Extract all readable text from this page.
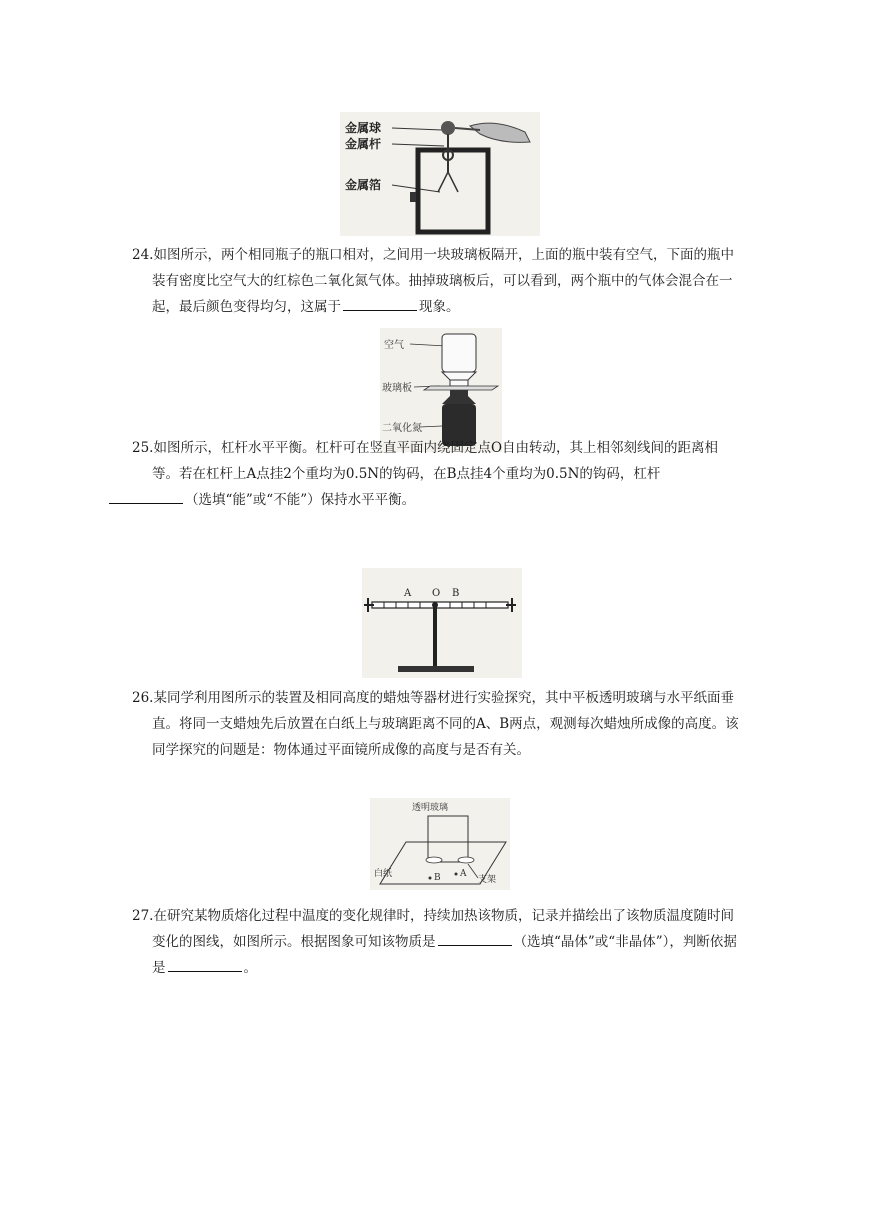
金属球
金属杆
金属箔

24.如图所示，两个相同瓶子的瓶口相对，之间用一块玻璃板隔开，上面的瓶中装有空气，下面的瓶中装有密度比空气大的红棕色二氧化氮气体。抽掉玻璃板后，可以看到，两个瓶中的气体会混合在一起，最后颜色变得均匀，这属于	现象。

空气
玻璃板
二氧化氮

25.如图所示，杠杆水平平衡。杠杆可在竖直平面内绕固定点O自由转动，其上相邻刻线间的距离相等。若在杠杆上A点挂2个重均为0.5N的钩码，在B点挂4个重均为0.5N的钩码，杠杆

（选填“能”或“不能”）保持水平平衡。

A O B

26.某同学利用图所示的装置及相同高度的蜡烛等器材进行实验探究，其中平板透明玻璃与水平纸面垂直。将同一支蜡烛先后放置在白纸上与玻璃距离不同的A、B两点，观测每次蜡烛所成像的高度。该同学探究的问题是：物体通过平面镜所成像的高度与是否有关。

透明玻璃
白纸	A
B	支架

27.在研究某物质熔化过程中温度的变化规律时，持续加热该物质，记录并描绘出了该物质温度随时间变化的图线，如图所示。根据图象可知该物质是	（选填“晶体”或“非晶体”），判断依据是	。
